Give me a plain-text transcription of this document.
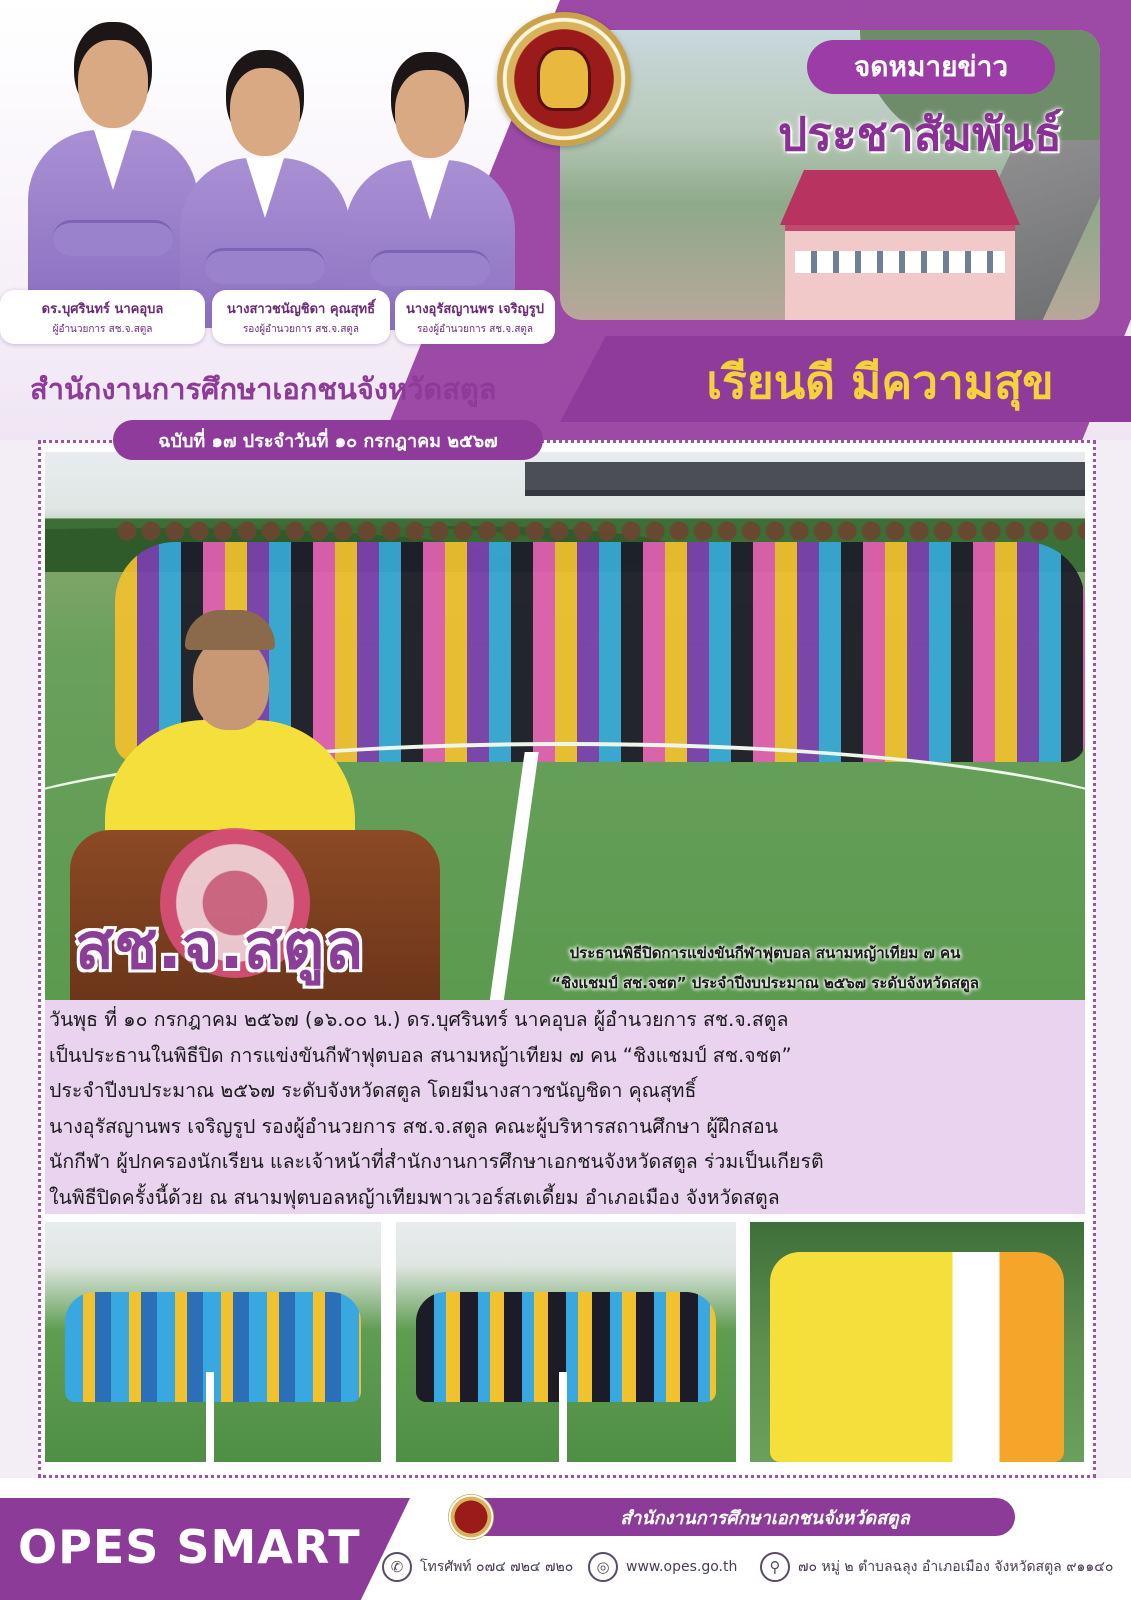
จดหมายข่าว
ประชาสัมพันธ์
ดร.บุศรินทร์ นาคอุบล
ผู้อำนวยการ สช.จ.สตูล
นางสาวชนัญชิดา คุณสุทธิ์
รองผู้อำนวยการ สช.จ.สตูล
นางอุรัสญานพร เจริญรูป
รองผู้อำนวยการ สช.จ.สตูล
สำนักงานการศึกษาเอกชนจังหวัดสตูล	เรียนดี มีความสุข
ฉบับที่ ๑๗ ประจำวันที่ ๑๐ กรกฎาคม ๒๕๖๗
สช.จ.สตูล	ประธานพิธีปิดการแข่งขันกีฬาฟุตบอล สนามหญ้าเทียม ๗ คน
“ชิงแชมป์ สช.จชต” ประจำปีงบประมาณ ๒๕๖๗ ระดับจังหวัดสตูล

วันพุธ ที่ ๑๐ กรกฎาคม ๒๕๖๗ (๑๖.๐๐ น.) ดร.บุศรินทร์ นาคอุบล ผู้อำนวยการ สช.จ.สตูล

เป็นประธานในพิธีปิด การแข่งขันกีฬาฟุตบอล สนามหญ้าเทียม ๗ คน “ชิงแชมป์ สช.จชต”

ประจำปีงบประมาณ ๒๕๖๗ ระดับจังหวัดสตูล โดยมีนางสาวชนัญชิดา คุณสุทธิ์

นางอุรัสญานพร เจริญรูป รองผู้อำนวยการ สช.จ.สตูล คณะผู้บริหารสถานศึกษา ผู้ฝึกสอน

นักกีฬา ผู้ปกครองนักเรียน และเจ้าหน้าที่สำนักงานการศึกษาเอกชนจังหวัดสตูล ร่วมเป็นเกียรติ

ในพิธีปิดครั้งนี้ด้วย ณ สนามฟุตบอลหญ้าเทียมพาวเวอร์สเตเดี้ยม อำเภอเมือง จังหวัดสตูล

OPES SMART
สำนักงานการศึกษาเอกชนจังหวัดสตูล
✆	โทรศัพท์ ๐๗๔ ๗๒๔ ๗๒๐	◎	www.opes.go.th	⚲	๗๐ หมู่ ๒ ตำบลฉลุง อำเภอเมือง จังหวัดสตูล ๙๑๑๔๐
